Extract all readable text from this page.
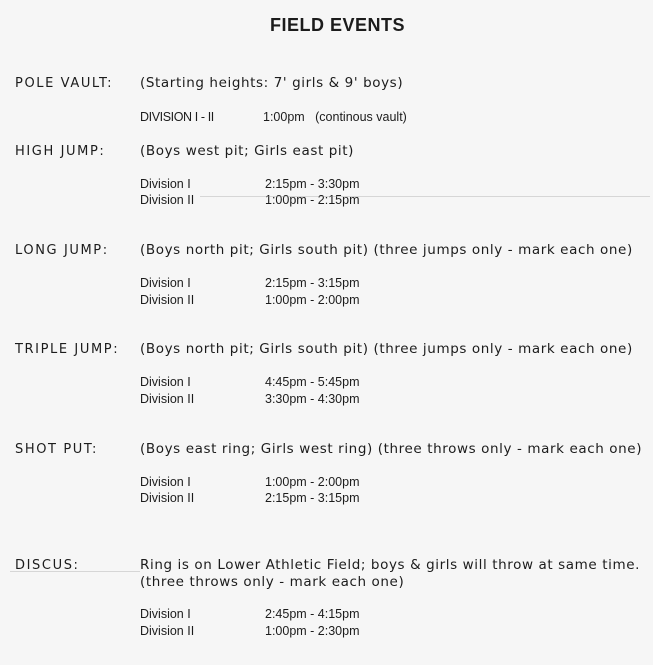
FIELD EVENTS
POLE VAULT: (Starting heights: 7' girls & 9' boys)
DIVISION I - II	1:00pm (continous vault)
HIGH JUMP:	(Boys west pit; Girls east pit)
Division I	2:15pm - 3:30pm
Division II	1:00pm - 2:15pm
LONG JUMP: (Boys north pit; Girls south pit) (three jumps only - mark each one)
Division I	2:15pm - 3:15pm
Division II	1:00pm - 2:00pm
TRIPLE JUMP: (Boys north pit; Girls south pit) (three jumps only - mark each one)
Division I	4:45pm - 5:45pm
Division II	3:30pm - 4:30pm
SHOT PUT:	(Boys east ring; Girls west ring) (three throws only - mark each one)
Division I	1:00pm - 2:00pm
Division II	2:15pm - 3:15pm
DISCUS:	Ring is on Lower Athletic Field; boys & girls will throw at same time.
(three throws only - mark each one)
Division I	2:45pm - 4:15pm
Division II	1:00pm - 2:30pm
